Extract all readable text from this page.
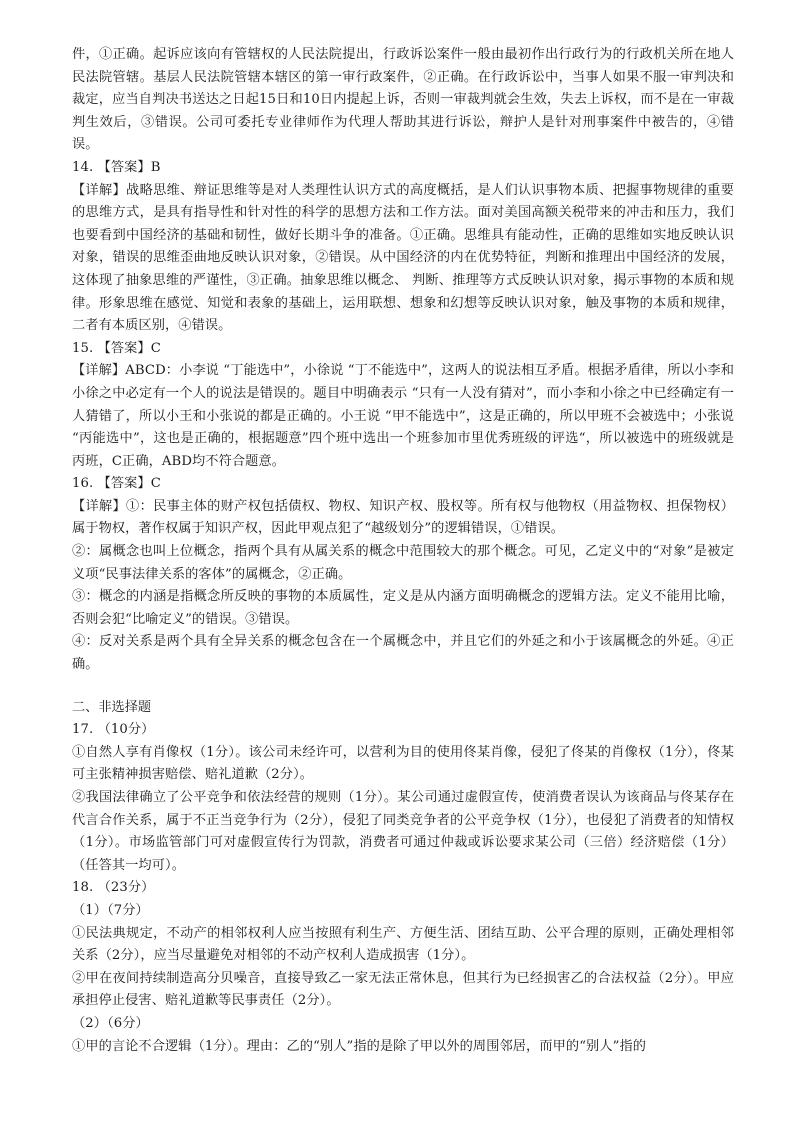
件，①正确。起诉应该向有管辖权的人民法院提出，行政诉讼案件一般由最初作出行政行为的行政机关所在地人民法院管辖。基层人民法院管辖本辖区的第一审行政案件，②正确。在行政诉讼中，当事人如果不服一审判决和裁定，应当自判决书送达之日起15日和10日内提起上诉，否则一审裁判就会生效，失去上诉权，而不是在一审裁判生效后，③错误。公司可委托专业律师作为代理人帮助其进行诉讼，辩护人是针对刑事案件中被告的，④错误。

14. 【答案】B

【详解】战略思维、辩证思维等是对人类理性认识方式的高度概括，是人们认识事物本质、把握事物规律的重要的思维方式，是具有指导性和针对性的科学的思想方法和工作方法。面对美国高额关税带来的冲击和压力，我们也要看到中国经济的基础和韧性，做好长期斗争的准备。①正确。思维具有能动性，正确的思维如实地反映认识对象，错误的思维歪曲地反映认识对象，②错误。从中国经济的内在优势特征，判断和推理出中国经济的发展，这体现了抽象思维的严谨性，③正确。抽象思维以概念、 判断、推理等方式反映认识对象，揭示事物的本质和规律。形象思维在感觉、知觉和表象的基础上，运用联想、想象和幻想等反映认识对象，触及事物的本质和规律，二者有本质区别，④错误。

15. 【答案】C

【详解】ABCD：小李说 “丁能选中”，小徐说 “丁不能选中”，这两人的说法相互矛盾。根据矛盾律，所以小李和小徐之中必定有一个人的说法是错误的。题目中明确表示 “只有一人没有猜对”，而小李和小徐之中已经确定有一人猜错了，所以小王和小张说的都是正确的。小王说 “甲不能选中”，这是正确的，所以甲班不会被选中；小张说 “丙能选中”，这也是正确的，根据题意”四个班中选出一个班参加市里优秀班级的评选“，所以被选中的班级就是丙班，C正确，ABD均不符合题意。

16. 【答案】C

【详解】①：民事主体的财产权包括债权、物权、知识产权、股权等。所有权与他物权（用益物权、担保物权）属于物权，著作权属于知识产权，因此甲观点犯了“越级划分”的逻辑错误，①错误。

②：属概念也叫上位概念，指两个具有从属关系的概念中范围较大的那个概念。可见，乙定义中的“对象”是被定义项“民事法律关系的客体”的属概念，②正确。

③：概念的内涵是指概念所反映的事物的本质属性，定义是从内涵方面明确概念的逻辑方法。定义不能用比喻，否则会犯“比喻定义”的错误。③错误。

④：反对关系是两个具有全异关系的概念包含在一个属概念中，并且它们的外延之和小于该属概念的外延。④正确。

二、非选择题

17. （10分）

①自然人享有肖像权（1分）。该公司未经许可，以营利为目的使用佟某肖像，侵犯了佟某的肖像权（1分），佟某可主张精神损害赔偿、赔礼道歉（2分）。

②我国法律确立了公平竞争和依法经营的规则（1分）。某公司通过虚假宣传，使消费者误认为该商品与佟某存在代言合作关系，属于不正当竞争行为（2分），侵犯了同类竞争者的公平竞争权（1分），也侵犯了消费者的知情权（1分）。市场监管部门可对虚假宣传行为罚款，消费者可通过仲裁或诉讼要求某公司（三倍）经济赔偿（1分）（任答其一均可）。

18. （23分）

（1）（7分）

①民法典规定，不动产的相邻权利人应当按照有利生产、方便生活、团结互助、公平合理的原则，正确处理相邻关系（2分），应当尽量避免对相邻的不动产权利人造成损害（1分）。

②甲在夜间持续制造高分贝噪音，直接导致乙一家无法正常休息，但其行为已经损害乙的合法权益（2分）。甲应承担停止侵害、赔礼道歉等民事责任（2分）。

（2）（6分）

①甲的言论不合逻辑（1分）。理由：乙的“别人”指的是除了甲以外的周围邻居，而甲的“别人”指的
